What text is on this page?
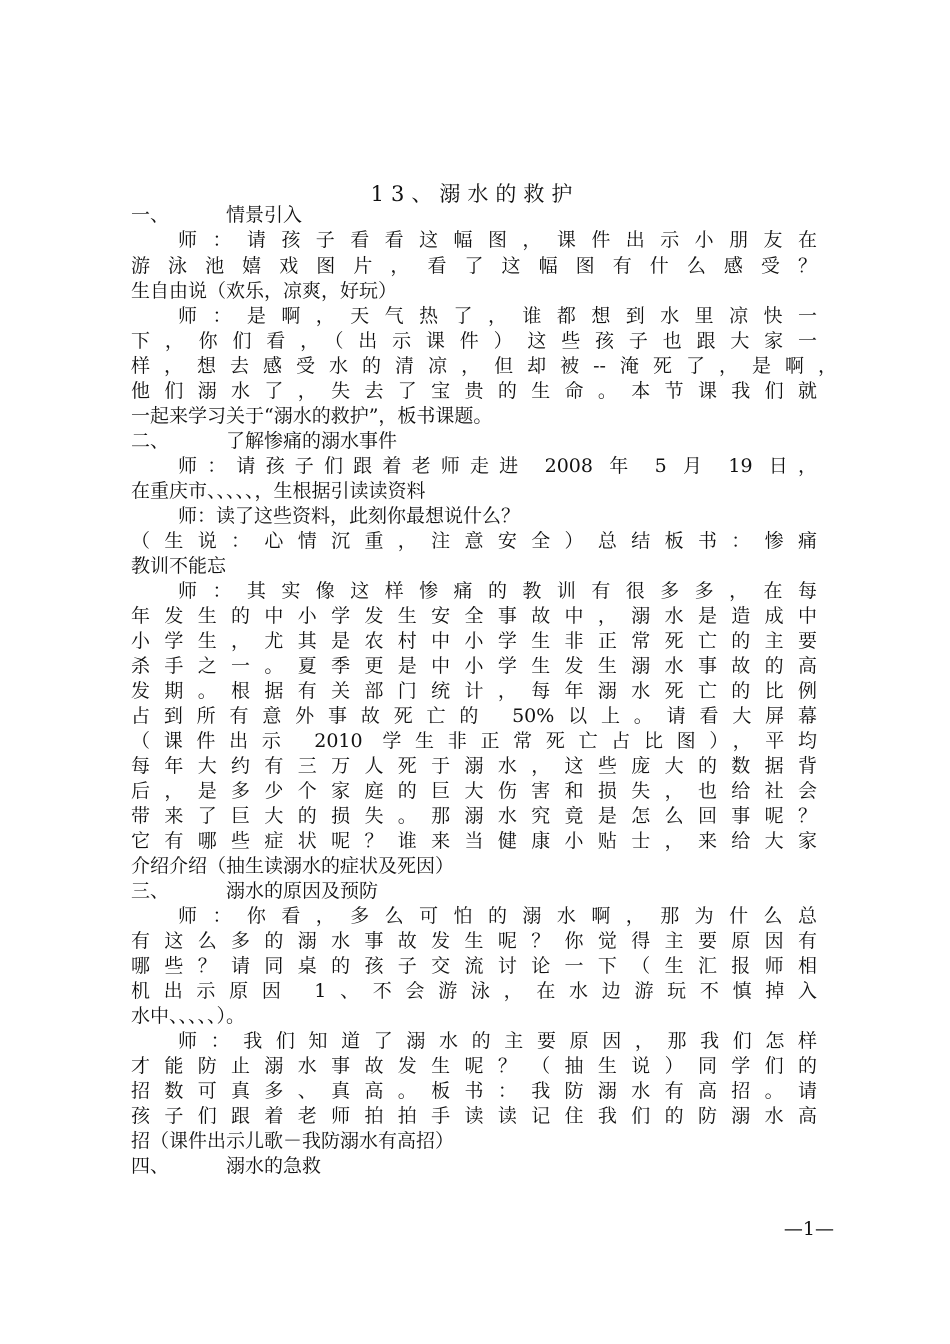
13、溺水的救护
一、	情景引入
师：请孩子看看这幅图，课件出示小朋友在
游泳池嬉戏图片，看了这幅图有什么感受？
生自由说（欢乐，凉爽，好玩）
师：是啊，天气热了，谁都想到水里凉快一
下，你们看，（出示课件）这些孩子也跟大家一
样，想去感受水的清凉，但却被--淹死了，是啊，
他们溺水了，失去了宝贵的生命。本节课我们就
一起来学习关于“溺水的救护”，板书课题。
二、	了解惨痛的溺水事件
师：请孩子们跟着老师走进 2008 年 5 月 19 日，
在重庆市、、、、、，生根据引读读资料
师：读了这些资料，此刻你最想说什么？
（生说：心情沉重，注意安全）总结板书：惨痛
教训不能忘
师：其实像这样惨痛的教训有很多多，在每
年发生的中小学发生安全事故中，溺水是造成中
小学生，尤其是农村中小学生非正常死亡的主要
杀手之一。夏季更是中小学生发生溺水事故的高
发期。根据有关部门统计，每年溺水死亡的比例
占到所有意外事故死亡的 50%以上。请看大屏幕
（课件出示 2010 学生非正常死亡占比图），平均
每年大约有三万人死于溺水，这些庞大的数据背
后，是多少个家庭的巨大伤害和损失，也给社会
带来了巨大的损失。那溺水究竟是怎么回事呢？
它有哪些症状呢？谁来当健康小贴士，来给大家
介绍介绍（抽生读溺水的症状及死因）
三、	溺水的原因及预防
师：你看，多么可怕的溺水啊，那为什么总
有这么多的溺水事故发生呢？你觉得主要原因有
哪些？请同桌的孩子交流讨论一下（生汇报师相
机出示原因 1、不会游泳，在水边游玩不慎掉入
水中、、、、、）。
师：我们知道了溺水的主要原因，那我们怎样
才能防止溺水事故发生呢？（抽生说）同学们的
招数可真多、真高。板书：我防溺水有高招。请
孩子们跟着老师拍拍手读读记住我们的防溺水高
招（课件出示儿歌－我防溺水有高招）
四、	溺水的急救
—1—
